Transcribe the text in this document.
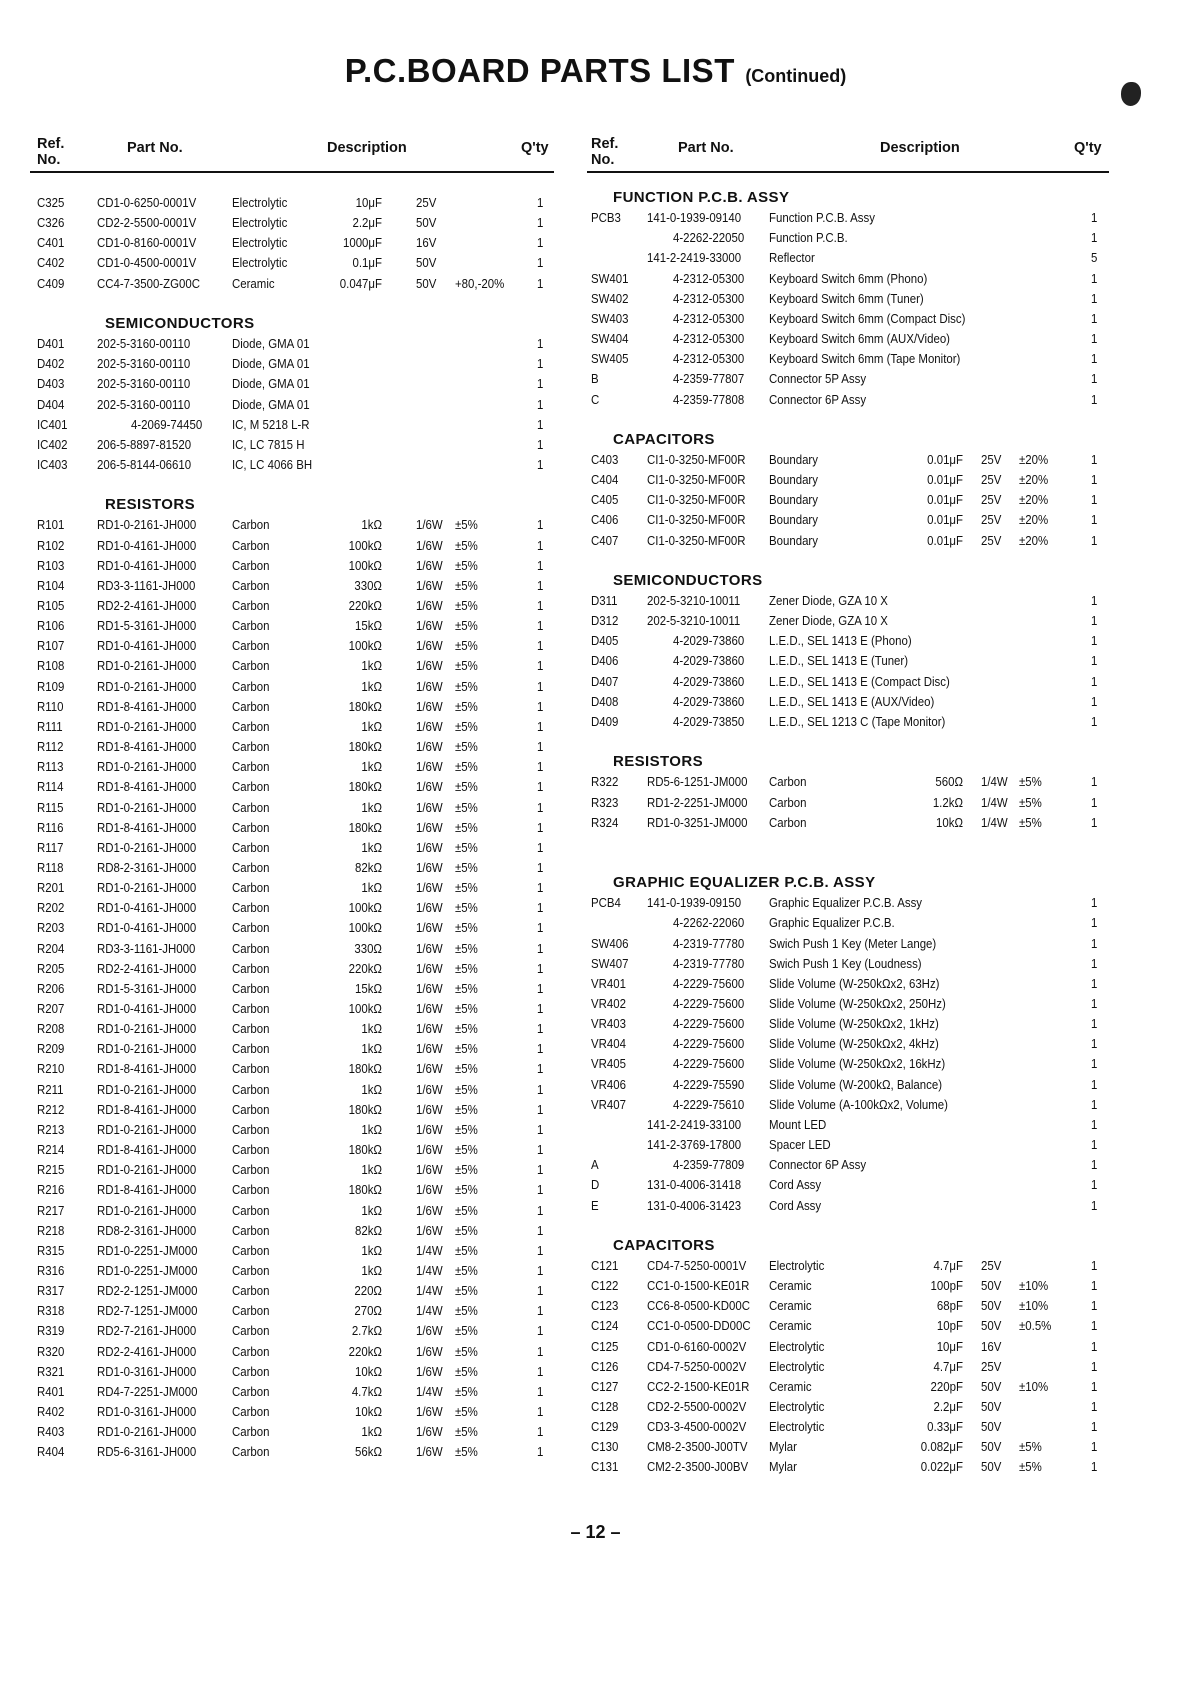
P.C.BOARD PARTS LIST (Continued)
Ref. No.
Part No.	Description	Q'ty	Ref. No.
Part No.	Description	Q'ty
C325	CD1-0-6250-0001V	Electrolytic	10μF	25V	1
C326	CD2-2-5500-0001V	Electrolytic	2.2μF	50V	1
C401	CD1-0-8160-0001V	Electrolytic	1000μF	16V	1
C402	CD1-0-4500-0001V	Electrolytic	0.1μF	50V	1
C409	CC4-7-3500-ZG00C Ceramic	0.047μF	50V +80,-20%	1
SEMICONDUCTORS
D401	202-5-3160-00110	Diode, GMA 01	1
D402	202-5-3160-00110	Diode, GMA 01	1
D403	202-5-3160-00110	Diode, GMA 01	1
D404	202-5-3160-00110	Diode, GMA 01	1
IC401	4-2069-74450 IC, M 5218 L-R	1
IC402 206-5-8897-81520	IC, LC 7815 H	1
IC403 206-5-8144-06610	IC, LC 4066 BH	1
RESISTORS
R101	RD1-0-2161-JH000	Carbon	1kΩ	1/6W ±5%	1
R102	RD1-0-4161-JH000	Carbon	100kΩ	1/6W ±5%	1
R103	RD1-0-4161-JH000	Carbon	100kΩ	1/6W ±5%	1
R104	RD3-3-1161-JH000	Carbon	330Ω	1/6W ±5%	1
R105	RD2-2-4161-JH000	Carbon	220kΩ	1/6W ±5%	1
R106	RD1-5-3161-JH000	Carbon	15kΩ	1/6W ±5%	1
R107	RD1-0-4161-JH000	Carbon	100kΩ	1/6W ±5%	1
R108	RD1-0-2161-JH000	Carbon	1kΩ	1/6W ±5%	1
R109	RD1-0-2161-JH000	Carbon	1kΩ	1/6W ±5%	1
R110	RD1-8-4161-JH000	Carbon	180kΩ	1/6W ±5%	1
R111	RD1-0-2161-JH000	Carbon	1kΩ	1/6W ±5%	1
R112	RD1-8-4161-JH000	Carbon	180kΩ	1/6W ±5%	1
R113	RD1-0-2161-JH000	Carbon	1kΩ	1/6W ±5%	1
R114	RD1-8-4161-JH000	Carbon	180kΩ	1/6W ±5%	1
R115	RD1-0-2161-JH000	Carbon	1kΩ	1/6W ±5%	1
R116	RD1-8-4161-JH000	Carbon	180kΩ	1/6W ±5%	1
R117	RD1-0-2161-JH000	Carbon	1kΩ	1/6W ±5%	1
R118	RD8-2-3161-JH000	Carbon	82kΩ	1/6W ±5%	1
R201	RD1-0-2161-JH000	Carbon	1kΩ	1/6W ±5%	1
R202	RD1-0-4161-JH000	Carbon	100kΩ	1/6W ±5%	1
R203	RD1-0-4161-JH000	Carbon	100kΩ	1/6W ±5%	1
R204	RD3-3-1161-JH000	Carbon	330Ω	1/6W ±5%	1
R205	RD2-2-4161-JH000	Carbon	220kΩ	1/6W ±5%	1
R206	RD1-5-3161-JH000	Carbon	15kΩ	1/6W ±5%	1
R207	RD1-0-4161-JH000	Carbon	100kΩ	1/6W ±5%	1
R208	RD1-0-2161-JH000	Carbon	1kΩ	1/6W ±5%	1
R209	RD1-0-2161-JH000	Carbon	1kΩ	1/6W ±5%	1
R210	RD1-8-4161-JH000	Carbon	180kΩ	1/6W ±5%	1
R211	RD1-0-2161-JH000	Carbon	1kΩ	1/6W ±5%	1
R212	RD1-8-4161-JH000	Carbon	180kΩ	1/6W ±5%	1
R213	RD1-0-2161-JH000	Carbon	1kΩ	1/6W ±5%	1
R214	RD1-8-4161-JH000	Carbon	180kΩ	1/6W ±5%	1
R215	RD1-0-2161-JH000	Carbon	1kΩ	1/6W ±5%	1
R216	RD1-8-4161-JH000	Carbon	180kΩ	1/6W ±5%	1
R217	RD1-0-2161-JH000	Carbon	1kΩ	1/6W ±5%	1
R218	RD8-2-3161-JH000	Carbon	82kΩ	1/6W ±5%	1
R315	RD1-0-2251-JM000	Carbon	1kΩ	1/4W ±5%	1
R316	RD1-0-2251-JM000	Carbon	1kΩ	1/4W ±5%	1
R317	RD2-2-1251-JM000	Carbon	220Ω	1/4W ±5%	1
R318	RD2-7-1251-JM000	Carbon	270Ω	1/4W ±5%	1
R319	RD2-7-2161-JH000	Carbon	2.7kΩ	1/6W ±5%	1
R320	RD2-2-4161-JH000	Carbon	220kΩ	1/6W ±5%	1
R321	RD1-0-3161-JH000	Carbon	10kΩ	1/6W ±5%	1
R401	RD4-7-2251-JM000	Carbon	4.7kΩ	1/4W ±5%	1
R402	RD1-0-3161-JH000	Carbon	10kΩ	1/6W ±5%	1
R403	RD1-0-2161-JH000	Carbon	1kΩ	1/6W ±5%	1
R404	RD5-6-3161-JH000	Carbon	56kΩ	1/6W ±5%	1
FUNCTION P.C.B. ASSY
PCB3 141-0-1939-09140 Function P.C.B. Assy	1
4-2262-22050 Function P.C.B.	1
141-2-2419-33000 Reflector	5
SW401	4-2312-05300 Keyboard Switch 6mm (Phono)	1
SW402	4-2312-05300 Keyboard Switch 6mm (Tuner)	1
SW403	4-2312-05300 Keyboard Switch 6mm (Compact Disc)	1
SW404	4-2312-05300 Keyboard Switch 6mm (AUX/Video)	1
SW405	4-2312-05300 Keyboard Switch 6mm (Tape Monitor)	1
B	4-2359-77807 Connector 5P Assy	1
C	4-2359-77808 Connector 6P Assy	1
CAPACITORS
C403 CI1-0-3250-MF00R Boundary	0.01μF 25V ±20%	1
C404 CI1-0-3250-MF00R Boundary	0.01μF 25V ±20%	1
C405 CI1-0-3250-MF00R Boundary	0.01μF 25V ±20%	1
C406 CI1-0-3250-MF00R Boundary	0.01μF 25V ±20%	1
C407 CI1-0-3250-MF00R Boundary	0.01μF 25V ±20%	1
SEMICONDUCTORS
D311 202-5-3210-10011 Zener Diode, GZA 10 X	1
D312 202-5-3210-10011 Zener Diode, GZA 10 X	1
D405	4-2029-73860 L.E.D., SEL 1413 E (Phono)	1
D406	4-2029-73860 L.E.D., SEL 1413 E (Tuner)	1
D407	4-2029-73860 L.E.D., SEL 1413 E (Compact Disc)	1
D408	4-2029-73860 L.E.D., SEL 1413 E (AUX/Video)	1
D409	4-2029-73850 L.E.D., SEL 1213 C (Tape Monitor)	1
RESISTORS
R322 RD5-6-1251-JM000 Carbon	560Ω 1/4W ±5%	1
R323 RD1-2-2251-JM000 Carbon	1.2kΩ 1/4W ±5%	1
R324 RD1-0-3251-JM000 Carbon	10kΩ 1/4W ±5%	1
GRAPHIC EQUALIZER P.C.B. ASSY
PCB4 141-0-1939-09150 Graphic Equalizer P.C.B. Assy	1
4-2262-22060 Graphic Equalizer P.C.B.	1
SW406	4-2319-77780 Swich Push 1 Key (Meter Lange)	1
SW407	4-2319-77780 Swich Push 1 Key (Loudness)	1
VR401	4-2229-75600 Slide Volume (W-250kΩx2, 63Hz)	1
VR402	4-2229-75600 Slide Volume (W-250kΩx2, 250Hz)	1
VR403	4-2229-75600 Slide Volume (W-250kΩx2, 1kHz)	1
VR404	4-2229-75600 Slide Volume (W-250kΩx2, 4kHz)	1
VR405	4-2229-75600 Slide Volume (W-250kΩx2, 16kHz)	1
VR406	4-2229-75590 Slide Volume (W-200kΩ, Balance)	1
VR407	4-2229-75610 Slide Volume (A-100kΩx2, Volume)	1
141-2-2419-33100 Mount LED	1
141-2-3769-17800 Spacer LED	1
A	4-2359-77809 Connector 6P Assy	1
D	131-0-4006-31418 Cord Assy	1
E	131-0-4006-31423 Cord Assy	1
CAPACITORS
C121 CD4-7-5250-0001V Electrolytic	4.7μF 25V	1
C122 CC1-0-1500-KE01R Ceramic	100pF 50V ±10%	1
C123 CC6-8-0500-KD00C Ceramic	68pF 50V ±10%	1
C124 CC1-0-0500-DD00C Ceramic	10pF 50V ±0.5%	1
C125 CD1-0-6160-0002V Electrolytic	10μF 16V	1
C126 CD4-7-5250-0002V Electrolytic	4.7μF 25V	1
C127 CC2-2-1500-KE01R Ceramic	220pF 50V ±10%	1
C128 CD2-2-5500-0002V Electrolytic	2.2μF 50V	1
C129 CD3-3-4500-0002V Electrolytic	0.33μF 50V	1
C130 CM8-2-3500-J00TV Mylar	0.082μF 50V ±5%	1
C131 CM2-2-3500-J00BV Mylar	0.022μF 50V ±5%	1
– 12 –
